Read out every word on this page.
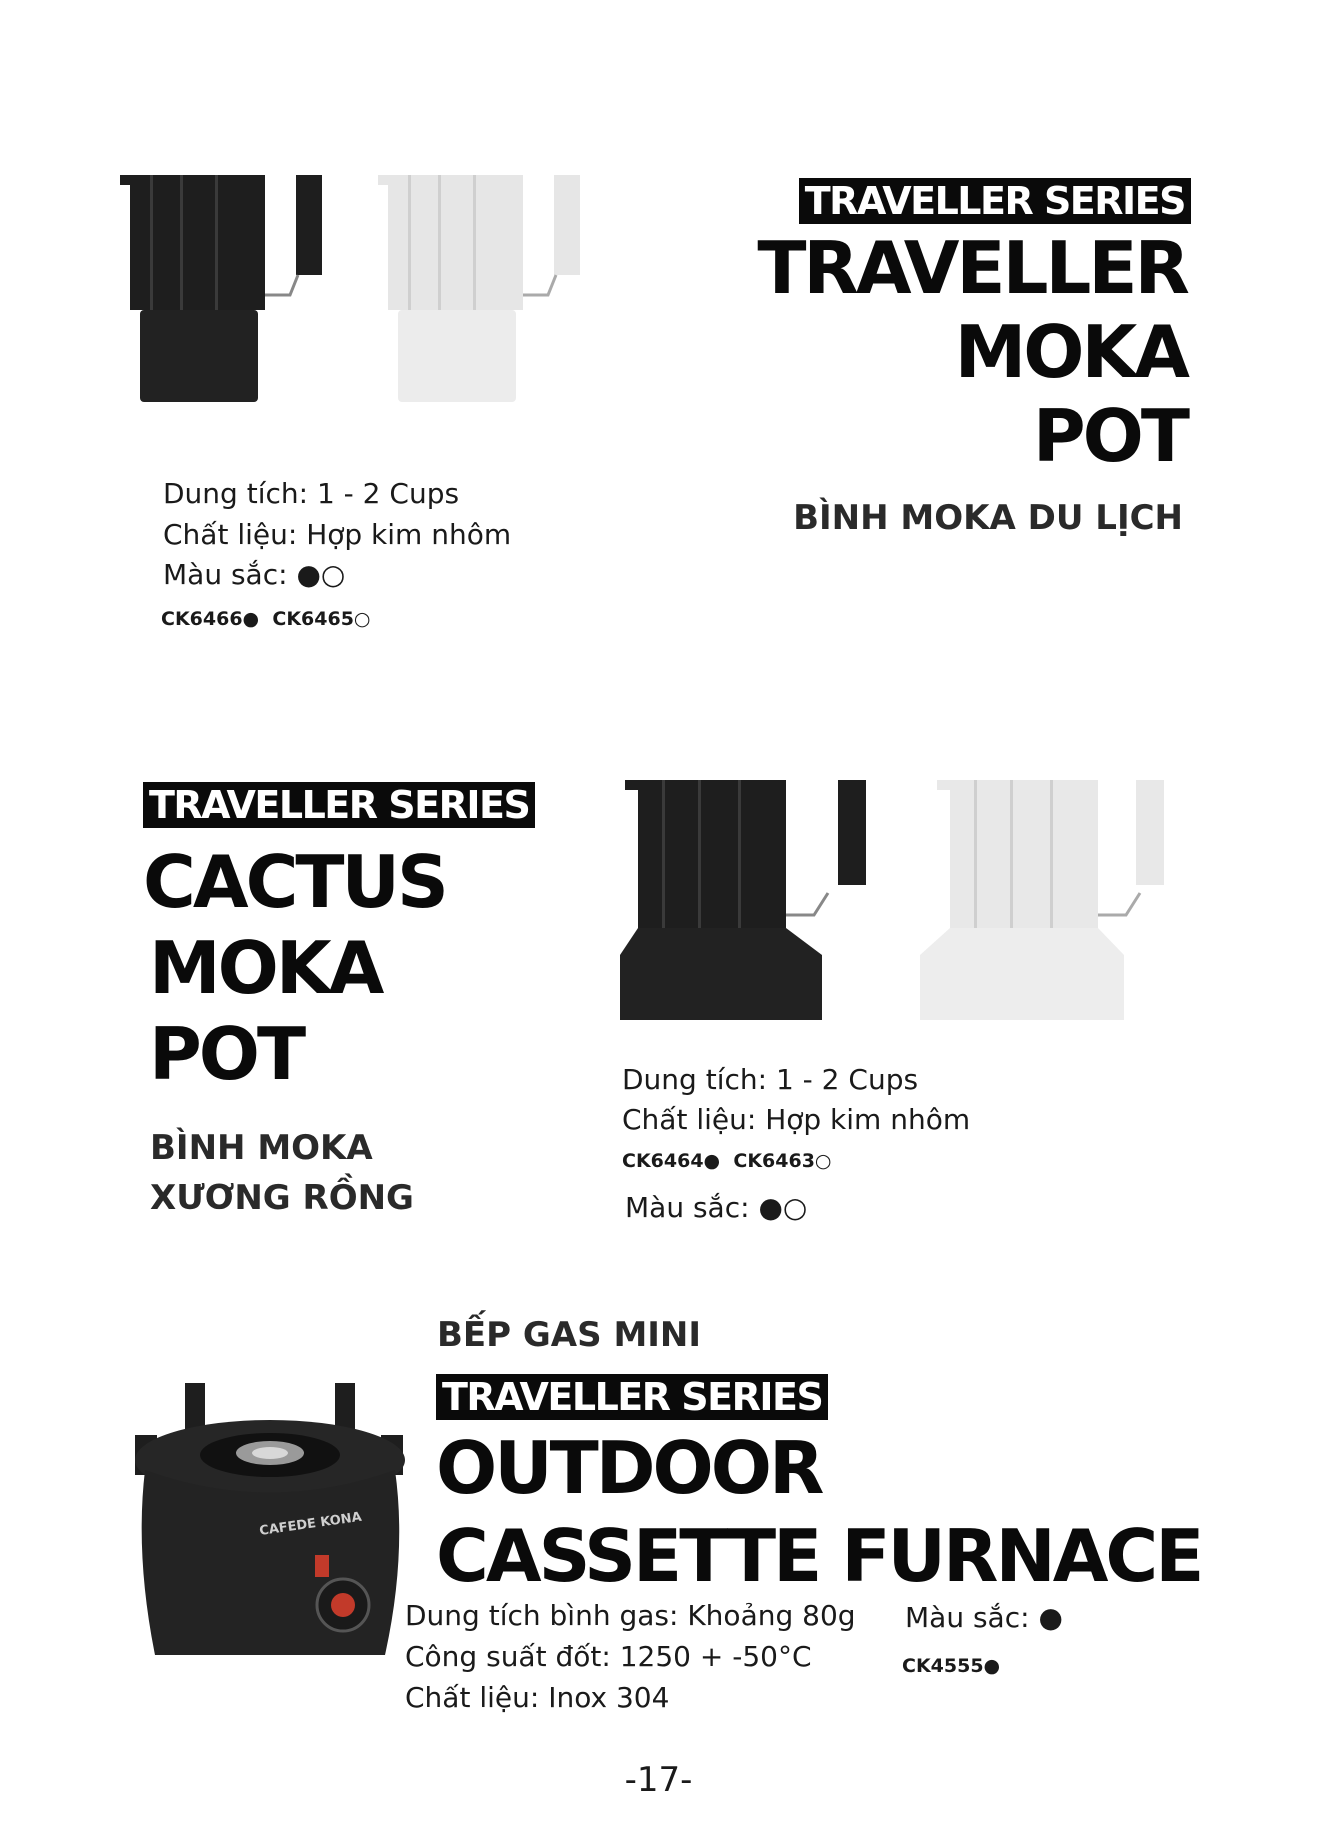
TRAVELLER SERIES
TRAVELLER
MOKA
POT
BÌNH MOKA DU LỊCH
Dung tích: 1 - 2 Cups
Chất liệu: Hợp kim nhôm
Màu sắc: ●○
CK6466● CK6465○
TRAVELLER SERIES
CACTUS
MOKA
POT
BÌNH MOKA
XƯƠNG RỒNG
Dung tích: 1 - 2 Cups
Chất liệu: Hợp kim nhôm
CK6464● CK6463○
Màu sắc: ●○
CAFEDE KONA
BẾP GAS MINI
TRAVELLER SERIES
OUTDOOR
CASSETTE FURNACE
Dung tích bình gas: Khoảng 80g
Công suất đốt: 1250 + -50°C
Chất liệu: Inox 304
Màu sắc: ●
CK4555●
-17-
